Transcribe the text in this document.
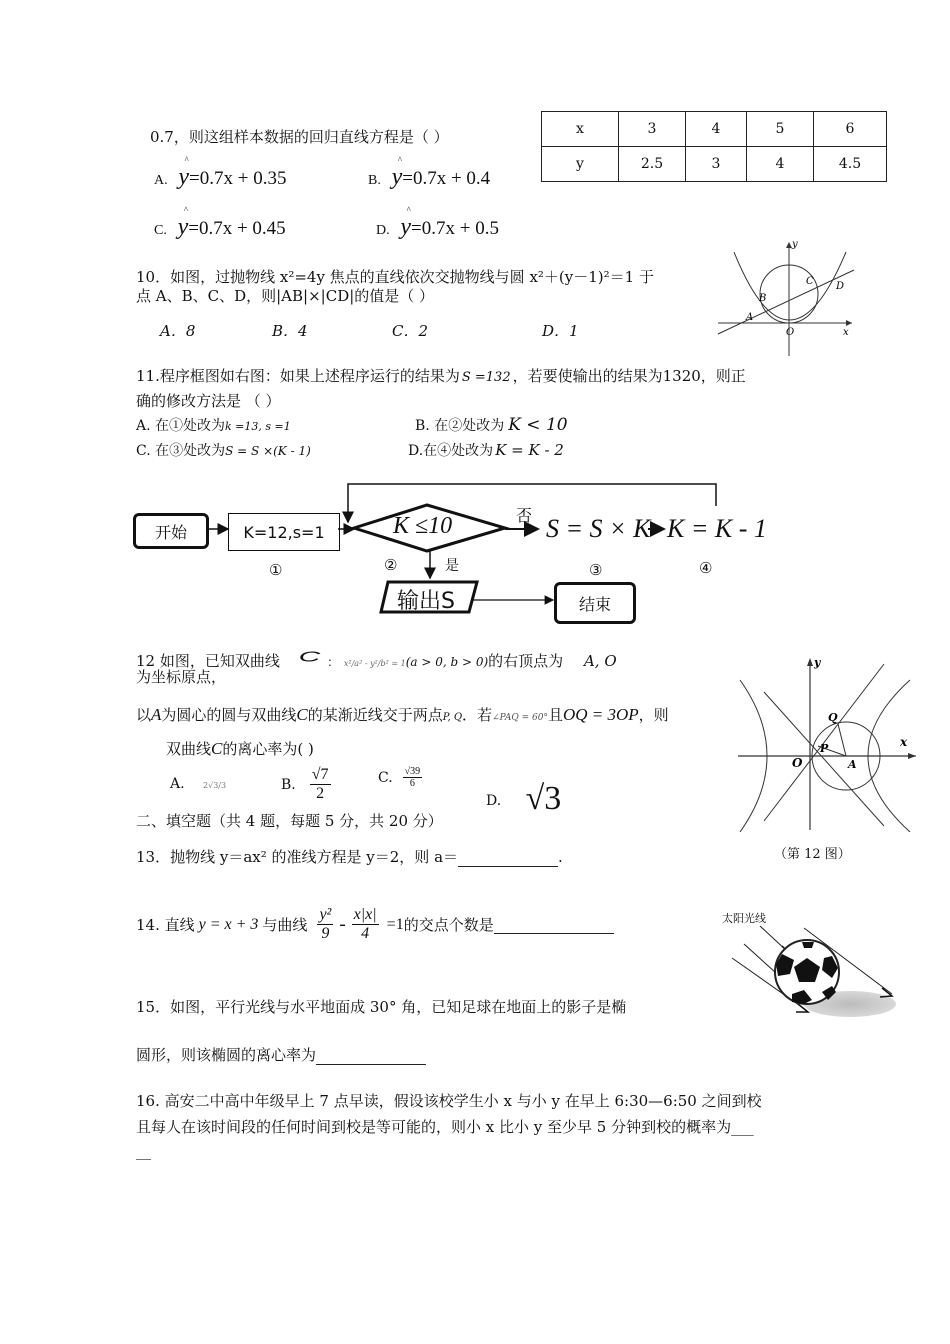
0.7，则这组样本数据的回归直线方程是（ ）
A.
^
y=0.7x + 0.35	B.
^
y=0.7x + 0.4
C.
^
y=0.7x + 0.45	D.
^
y=0.7x + 0.5
x	3	4	5	6
y	2.5	3	4	4.5
10．如图，过抛物线 x²=4y 焦点的直线依次交抛物线与圆 x²＋(y－1)²＝1 于
点 A、B、C、D，则|AB|×|CD|的值是（ ）
A．8	B．4	C．2	D．1
y
x
O
A
B
C D
11.程序框图如右图：如果上述程序运行的结果为 S =132 ，若要使输出的结果为1320，则正
确的修改方法是 （ ）
A. 在①处改为k =13, s =1	B. 在②处改为 K < 10
C. 在③处改为S = S ×(K - 1)	D.在④处改为 K = K - 2
开始	K=12,s=1	K ≤10	否
是
S = S × K K = K - 1
输出S	结束
①	②	③	④
12 如图，已知双曲线 C ： x²/a² - y²/b² = 1(a > 0, b > 0)的右顶点为 A, O
为坐标原点，
以A为圆心的圆与双曲线C的某渐近线交于两点P, Q．若∠PAQ = 60°且OQ = 3OP，则
双曲线C的离心率为( )
A. 2√3/3	B. $\frac{√7}{2}$	C. $\frac{√39}{6}$
D. √3
y
x
O
P
Q
A
（第 12 图）
二、填空题（共 4 题，每题 5 分，共 20 分）
13．抛物线 y＝ax² 的准线方程是 y＝2，则 a＝	.
14. 直线 y = x + 3 与曲线 $\frac{\text{y²}}{9} - \frac{x|x|}{4} =1$ 的交点个数是
15．如图，平行光线与水平地面成 30° 角，已知足球在地面上的影子是椭
圆形，则该椭圆的离心率为
太阳光线
16. 高安二中高中年级早上 7 点早读，假设该校学生小 x 与小 y 在早上 6:30—6:50 之间到校
且每人在该时间段的任何时间到校是等可能的，则小 x 比小 y 至少早 5 分钟到校的概率为___
__
